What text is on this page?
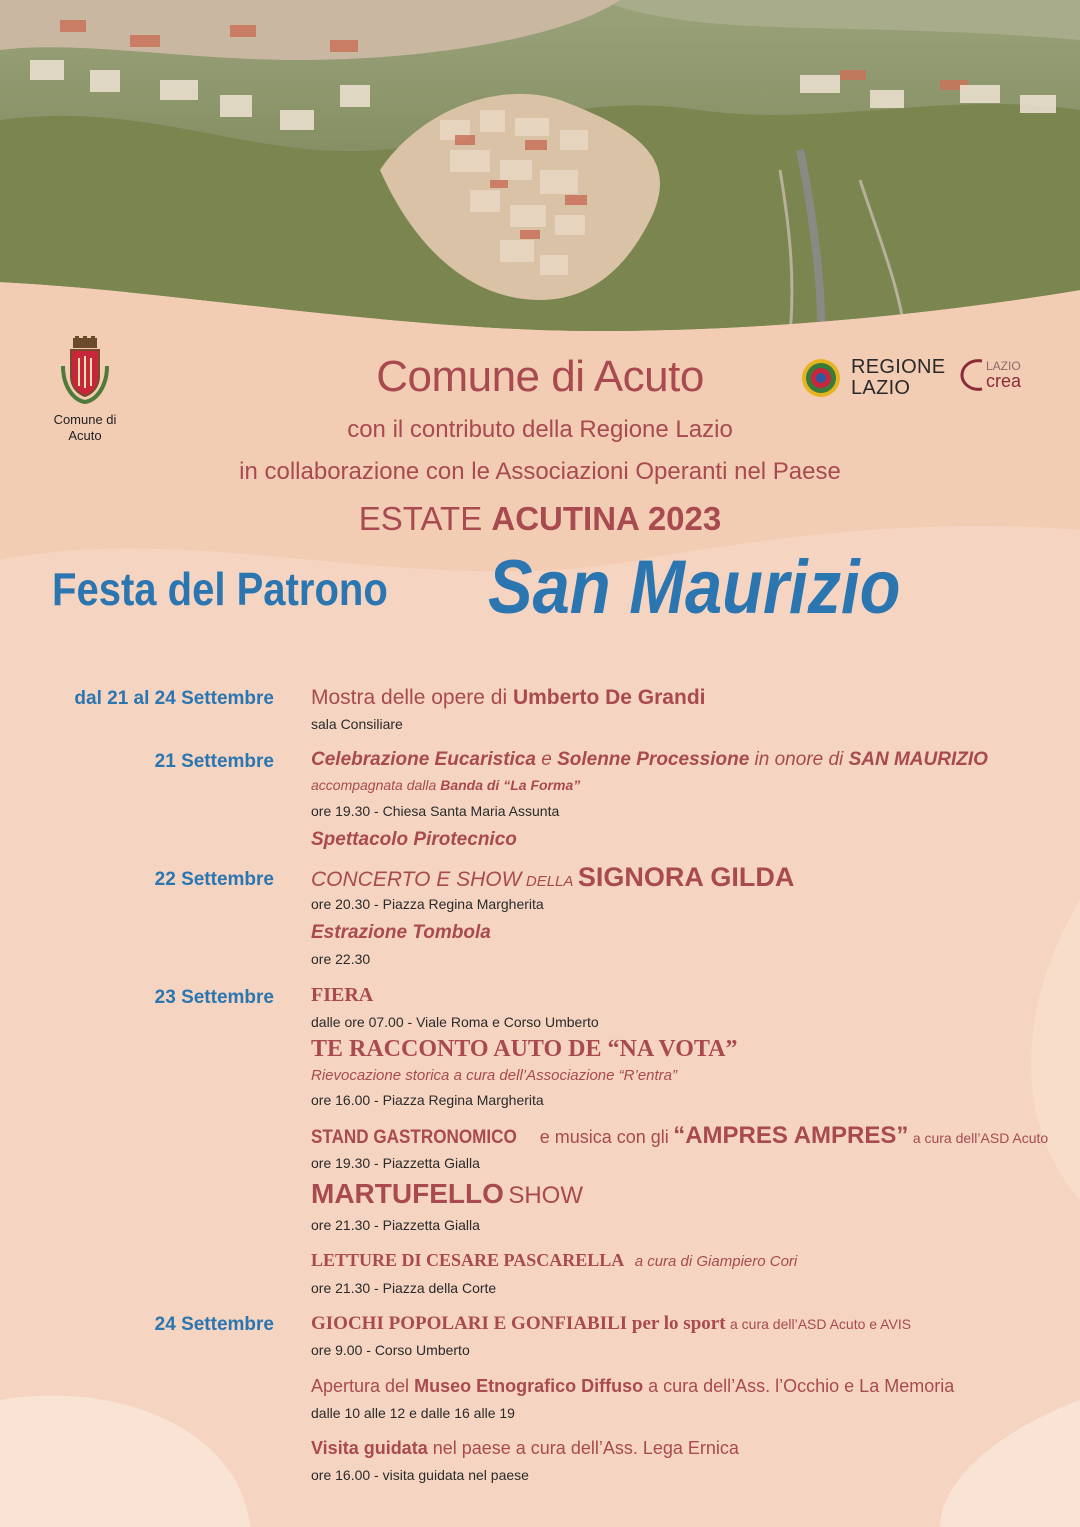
Comune di
Acuto
REGIONE
LAZIO
LAZIO
crea
Comune di Acuto
con il contributo della Regione Lazio
in collaborazione con le Associazioni Operanti nel Paese
ESTATE ACUTINA 2023
Festa del Patrono San Maurizio
dal 21 al 24 Settembre Mostra delle opere di Umberto De Grandi
sala Consiliare
21 Settembre Celebrazione Eucaristica e Solenne Processione in onore di SAN MAURIZIO
accompagnata dalla Banda di “La Forma”
ore 19.30 - Chiesa Santa Maria Assunta
Spettacolo Pirotecnico
22 Settembre CONCERTO E SHOW DELLA SIGNORA GILDA
ore 20.30 - Piazza Regina Margherita
Estrazione Tombola
ore 22.30
23 Settembre FIERA
dalle ore 07.00 - Viale Roma e Corso Umberto
TE RACCONTO AUTO DE “NA VOTA”
Rievocazione storica a cura dell’Associazione “R’entra”
ore 16.00 - Piazza Regina Margherita
STAND GASTRONOMICO e musica con gli “AMPRES AMPRES” a cura dell’ASD Acuto
ore 19.30 - Piazzetta Gialla
MARTUFELLO SHOW
ore 21.30 - Piazzetta Gialla
LETTURE DI CESARE PASCARELLA a cura di Giampiero Cori
ore 21.30 - Piazza della Corte
24 Settembre GIOCHI POPOLARI E GONFIABILI per lo sport a cura dell’ASD Acuto e AVIS
ore 9.00 - Corso Umberto
Apertura del Museo Etnografico Diffuso a cura dell’Ass. l’Occhio e La Memoria
dalle 10 alle 12 e dalle 16 alle 19
Visita guidata nel paese a cura dell’Ass. Lega Ernica
ore 16.00 - visita guidata nel paese
